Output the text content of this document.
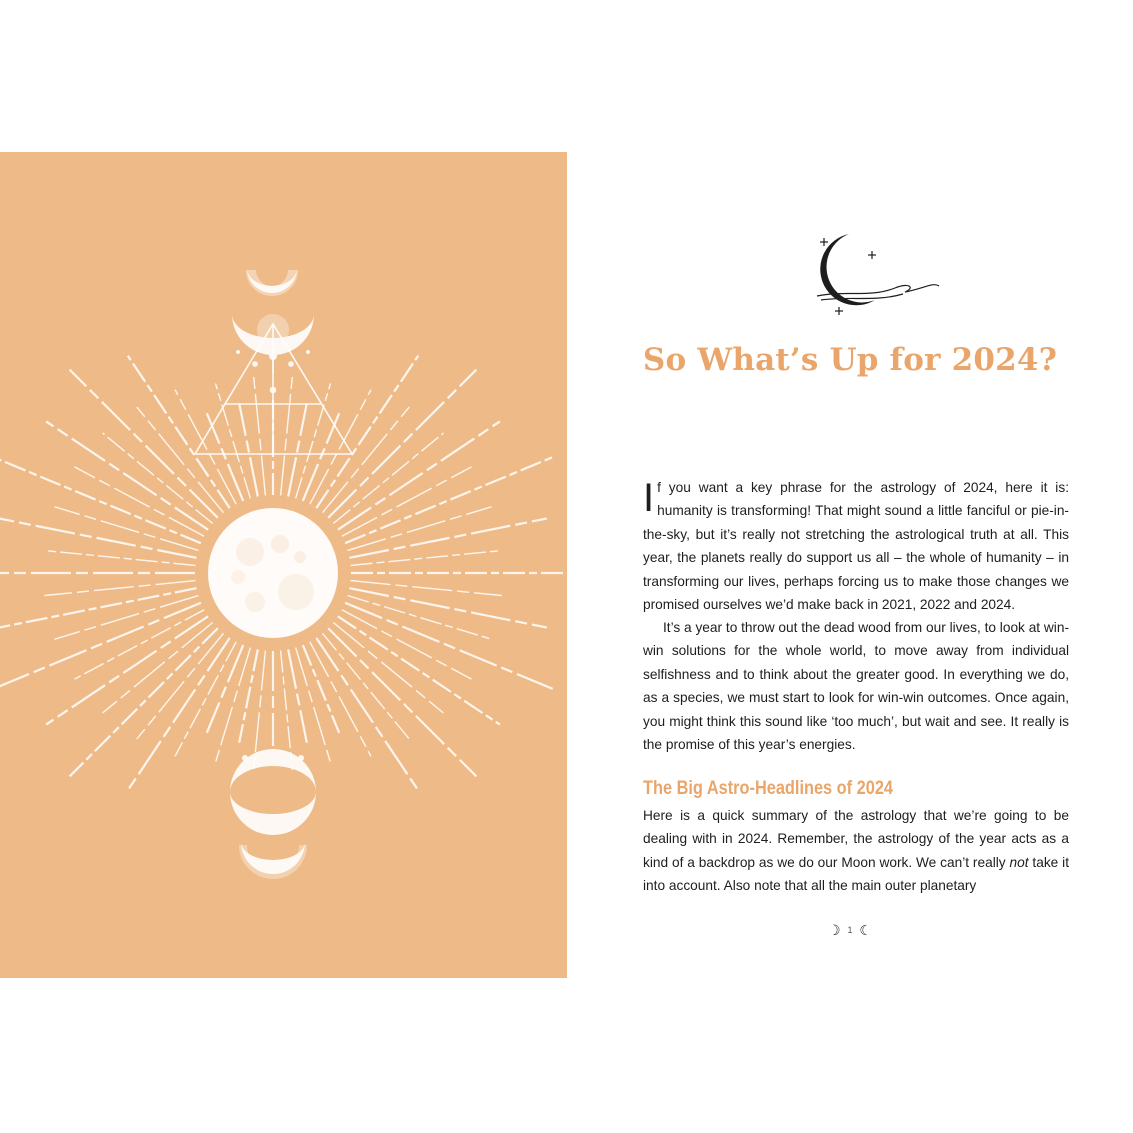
So What’s Up for 2024?

If you want a key phrase for the astrology of 2024, here it is: humanity is transforming! That might sound a little fanciful or pie-in-the-sky, but it’s really not stretching the astrological truth at all. This year, the planets really do support us all – the whole of humanity – in transforming our lives, perhaps forcing us to make those changes we promised ourselves we’d make back in 2021, 2022 and 2024.

It’s a year to throw out the dead wood from our lives, to look at win-win solutions for the whole world, to move away from individual selfishness and to think about the greater good. In everything we do, as a species, we must start to look for win-win outcomes. Once again, you might think this sound like ‘too much’, but wait and see. It really is the promise of this year’s energies.

The Big Astro-Headlines of 2024

Here is a quick summary of the astrology that we’re going to be dealing with in 2024. Remember, the astrology of the year acts as a kind of a backdrop as we do our Moon work. We can’t really not take it into account. Also note that all the main outer planetary

☽ 1 ☾
